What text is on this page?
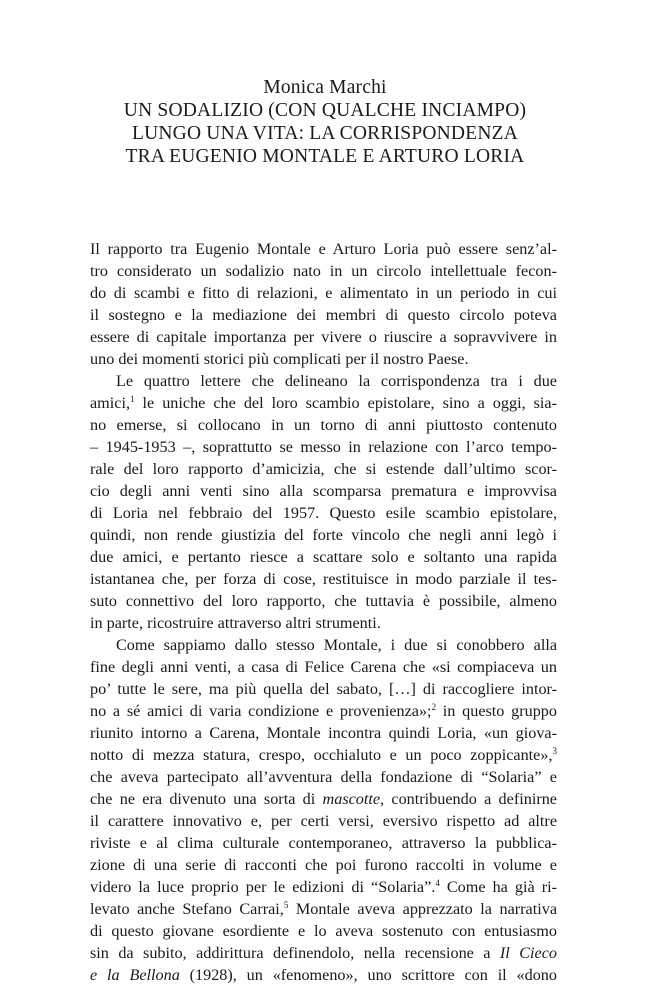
Monica Marchi
UN SODALIZIO (CON QUALCHE INCIAMPO)
LUNGO UNA VITA: LA CORRISPONDENZA
TRA EUGENIO MONTALE E ARTURO LORIA
Il rapporto tra Eugenio Montale e Arturo Loria può essere senz’al-
tro considerato un sodalizio nato in un circolo intellettuale fecon-
do di scambi e fitto di relazioni, e alimentato in un periodo in cui
il sostegno e la mediazione dei membri di questo circolo poteva
essere di capitale importanza per vivere o riuscire a sopravvivere in
uno dei momenti storici più complicati per il nostro Paese.
Le quattro lettere che delineano la corrispondenza tra i due
amici,$^1$ le uniche che del loro scambio epistolare, sino a oggi, sia-
no emerse, si collocano in un torno di anni piuttosto contenuto
– 1945-1953 –, soprattutto se messo in relazione con l’arco tempo-
rale del loro rapporto d’amicizia, che si estende dall’ultimo scor-
cio degli anni venti sino alla scomparsa prematura e improvvisa
di Loria nel febbraio del 1957. Questo esile scambio epistolare,
quindi, non rende giustizia del forte vincolo che negli anni legò i
due amici, e pertanto riesce a scattare solo e soltanto una rapida
istantanea che, per forza di cose, restituisce in modo parziale il tes-
suto connettivo del loro rapporto, che tuttavia è possibile, almeno
in parte, ricostruire attraverso altri strumenti.
Come sappiamo dallo stesso Montale, i due si conobbero alla
fine degli anni venti, a casa di Felice Carena che «si compiaceva un
po’ tutte le sere, ma più quella del sabato, […] di raccogliere intor-
no a sé amici di varia condizione e provenienza»;$^2$ in questo gruppo
riunito intorno a Carena, Montale incontra quindi Loria, «un giova-
notto di mezza statura, crespo, occhialuto e un poco zoppicante»,$^3$
che aveva partecipato all’avventura della fondazione di “Solaria” e
che ne era divenuto una sorta di mascotte, contribuendo a definirne
il carattere innovativo e, per certi versi, eversivo rispetto ad altre
riviste e al clima culturale contemporaneo, attraverso la pubblica-
zione di una serie di racconti che poi furono raccolti in volume e
videro la luce proprio per le edizioni di “Solaria”.$^4$ Come ha già ri-
levato anche Stefano Carrai,$^5$ Montale aveva apprezzato la narrativa
di questo giovane esordiente e lo aveva sostenuto con entusiasmo
sin da subito, addirittura definendolo, nella recensione a Il Cieco
e la Bellona (1928), un «fenomeno», uno scrittore con il «dono
